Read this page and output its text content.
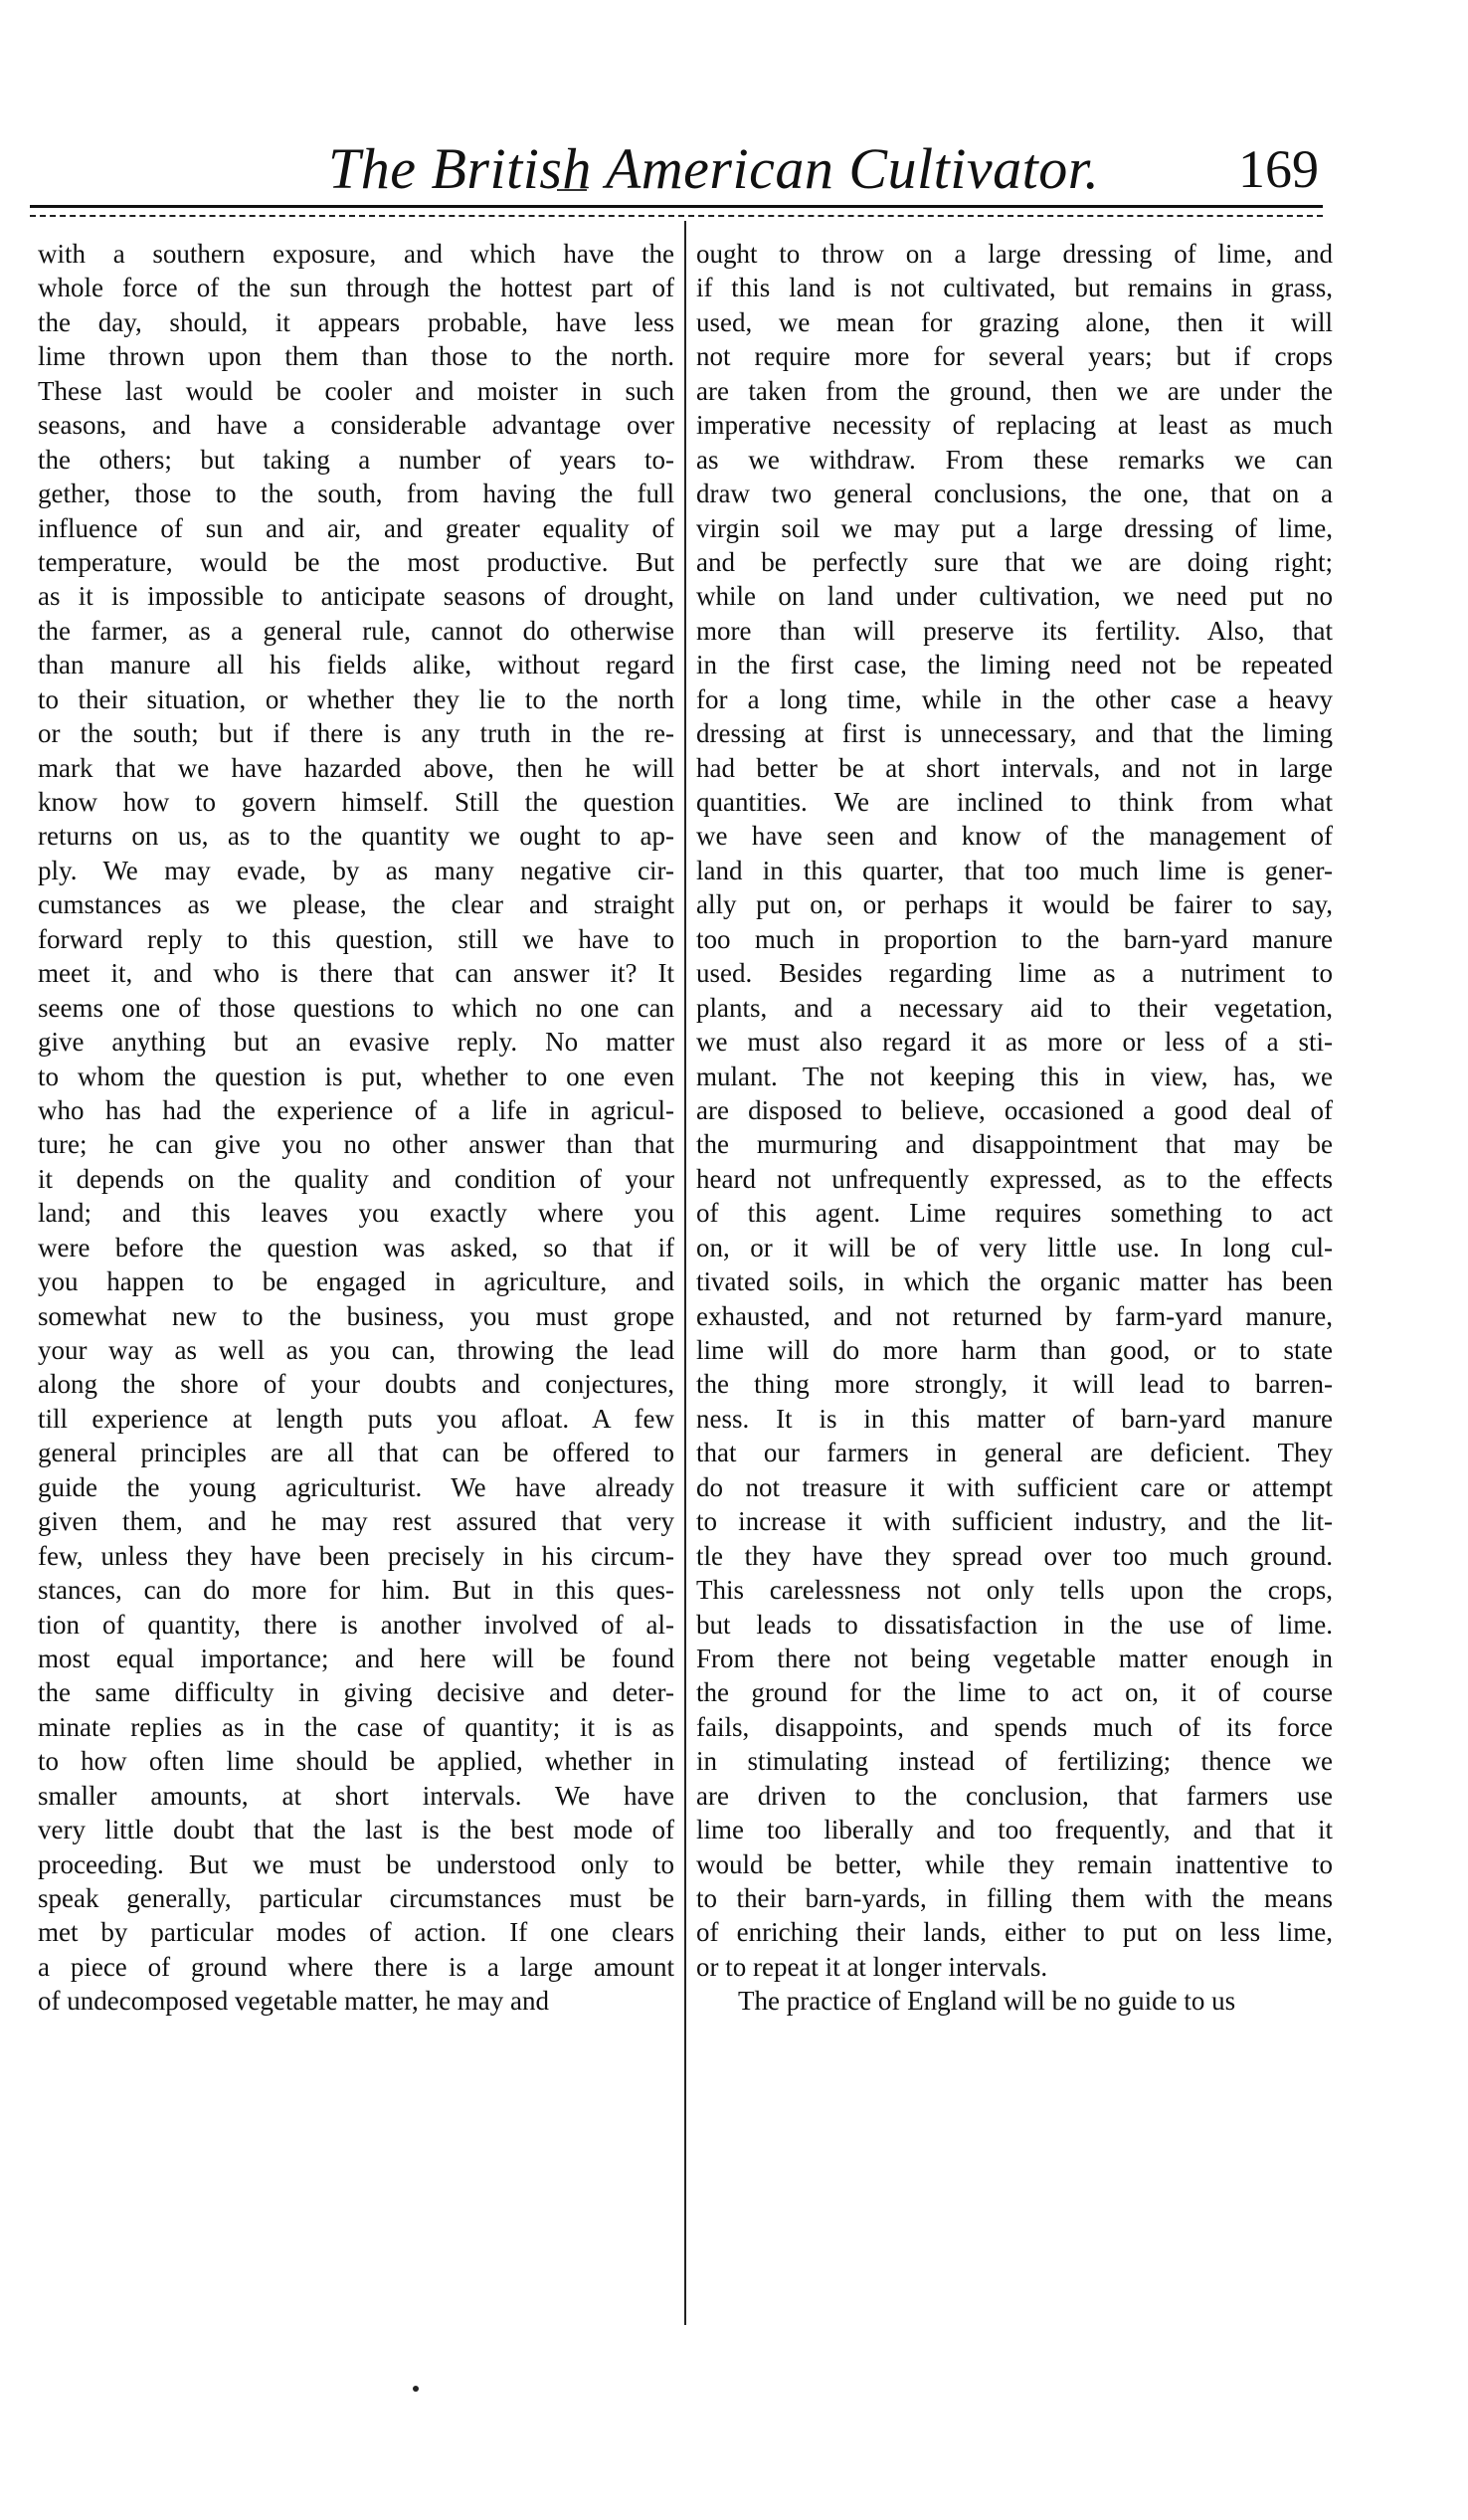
The British American Cultivator.	169
with a southern exposure, and which have the
whole force of the sun through the hottest part of
the day, should, it appears probable, have less
lime thrown upon them than those to the north.
These last would be cooler and moister in such
seasons, and have a considerable advantage over
the others; but taking a number of years to-
gether, those to the south, from having the full
influence of sun and air, and greater equality of
temperature, would be the most productive. But
as it is impossible to anticipate seasons of drought,
the farmer, as a general rule, cannot do otherwise
than manure all his fields alike, without regard
to their situation, or whether they lie to the north
or the south; but if there is any truth in the re-
mark that we have hazarded above, then he will
know how to govern himself. Still the question
returns on us, as to the quantity we ought to ap-
ply. We may evade, by as many negative cir-
cumstances as we please, the clear and straight
forward reply to this question, still we have to
meet it, and who is there that can answer it? It
seems one of those questions to which no one can
give anything but an evasive reply. No matter
to whom the question is put, whether to one even
who has had the experience of a life in agricul-
ture; he can give you no other answer than that
it depends on the quality and condition of your
land; and this leaves you exactly where you
were before the question was asked, so that if
you happen to be engaged in agriculture, and
somewhat new to the business, you must grope
your way as well as you can, throwing the lead
along the shore of your doubts and conjectures,
till experience at length puts you afloat. A few
general principles are all that can be offered to
guide the young agriculturist. We have already
given them, and he may rest assured that very
few, unless they have been precisely in his circum-
stances, can do more for him. But in this ques-
tion of quantity, there is another involved of al-
most equal importance; and here will be found
the same difficulty in giving decisive and deter-
minate replies as in the case of quantity; it is as
to how often lime should be applied, whether in
smaller amounts, at short intervals. We have
very little doubt that the last is the best mode of
proceeding. But we must be understood only to
speak generally, particular circumstances must be
met by particular modes of action. If one clears
a piece of ground where there is a large amount
of undecomposed vegetable matter, he may and
ought to throw on a large dressing of lime, and
if this land is not cultivated, but remains in grass,
used, we mean for grazing alone, then it will
not require more for several years; but if crops
are taken from the ground, then we are under the
imperative necessity of replacing at least as much
as we withdraw. From these remarks we can
draw two general conclusions, the one, that on a
virgin soil we may put a large dressing of lime,
and be perfectly sure that we are doing right;
while on land under cultivation, we need put no
more than will preserve its fertility. Also, that
in the first case, the liming need not be repeated
for a long time, while in the other case a heavy
dressing at first is unnecessary, and that the liming
had better be at short intervals, and not in large
quantities. We are inclined to think from what
we have seen and know of the management of
land in this quarter, that too much lime is gener-
ally put on, or perhaps it would be fairer to say,
too much in proportion to the barn-yard manure
used. Besides regarding lime as a nutriment to
plants, and a necessary aid to their vegetation,
we must also regard it as more or less of a sti-
mulant. The not keeping this in view, has, we
are disposed to believe, occasioned a good deal of
the murmuring and disappointment that may be
heard not unfrequently expressed, as to the effects
of this agent. Lime requires something to act
on, or it will be of very little use. In long cul-
tivated soils, in which the organic matter has been
exhausted, and not returned by farm-yard manure,
lime will do more harm than good, or to state
the thing more strongly, it will lead to barren-
ness. It is in this matter of barn-yard manure
that our farmers in general are deficient. They
do not treasure it with sufficient care or attempt
to increase it with sufficient industry, and the lit-
tle they have they spread over too much ground.
This carelessness not only tells upon the crops,
but leads to dissatisfaction in the use of lime.
From there not being vegetable matter enough in
the ground for the lime to act on, it of course
fails, disappoints, and spends much of its force
in stimulating instead of fertilizing; thence we
are driven to the conclusion, that farmers use
lime too liberally and too frequently, and that it
would be better, while they remain inattentive to
to their barn-yards, in filling them with the means
of enriching their lands, either to put on less lime,
or to repeat it at longer intervals.
The practice of England will be no guide to us
